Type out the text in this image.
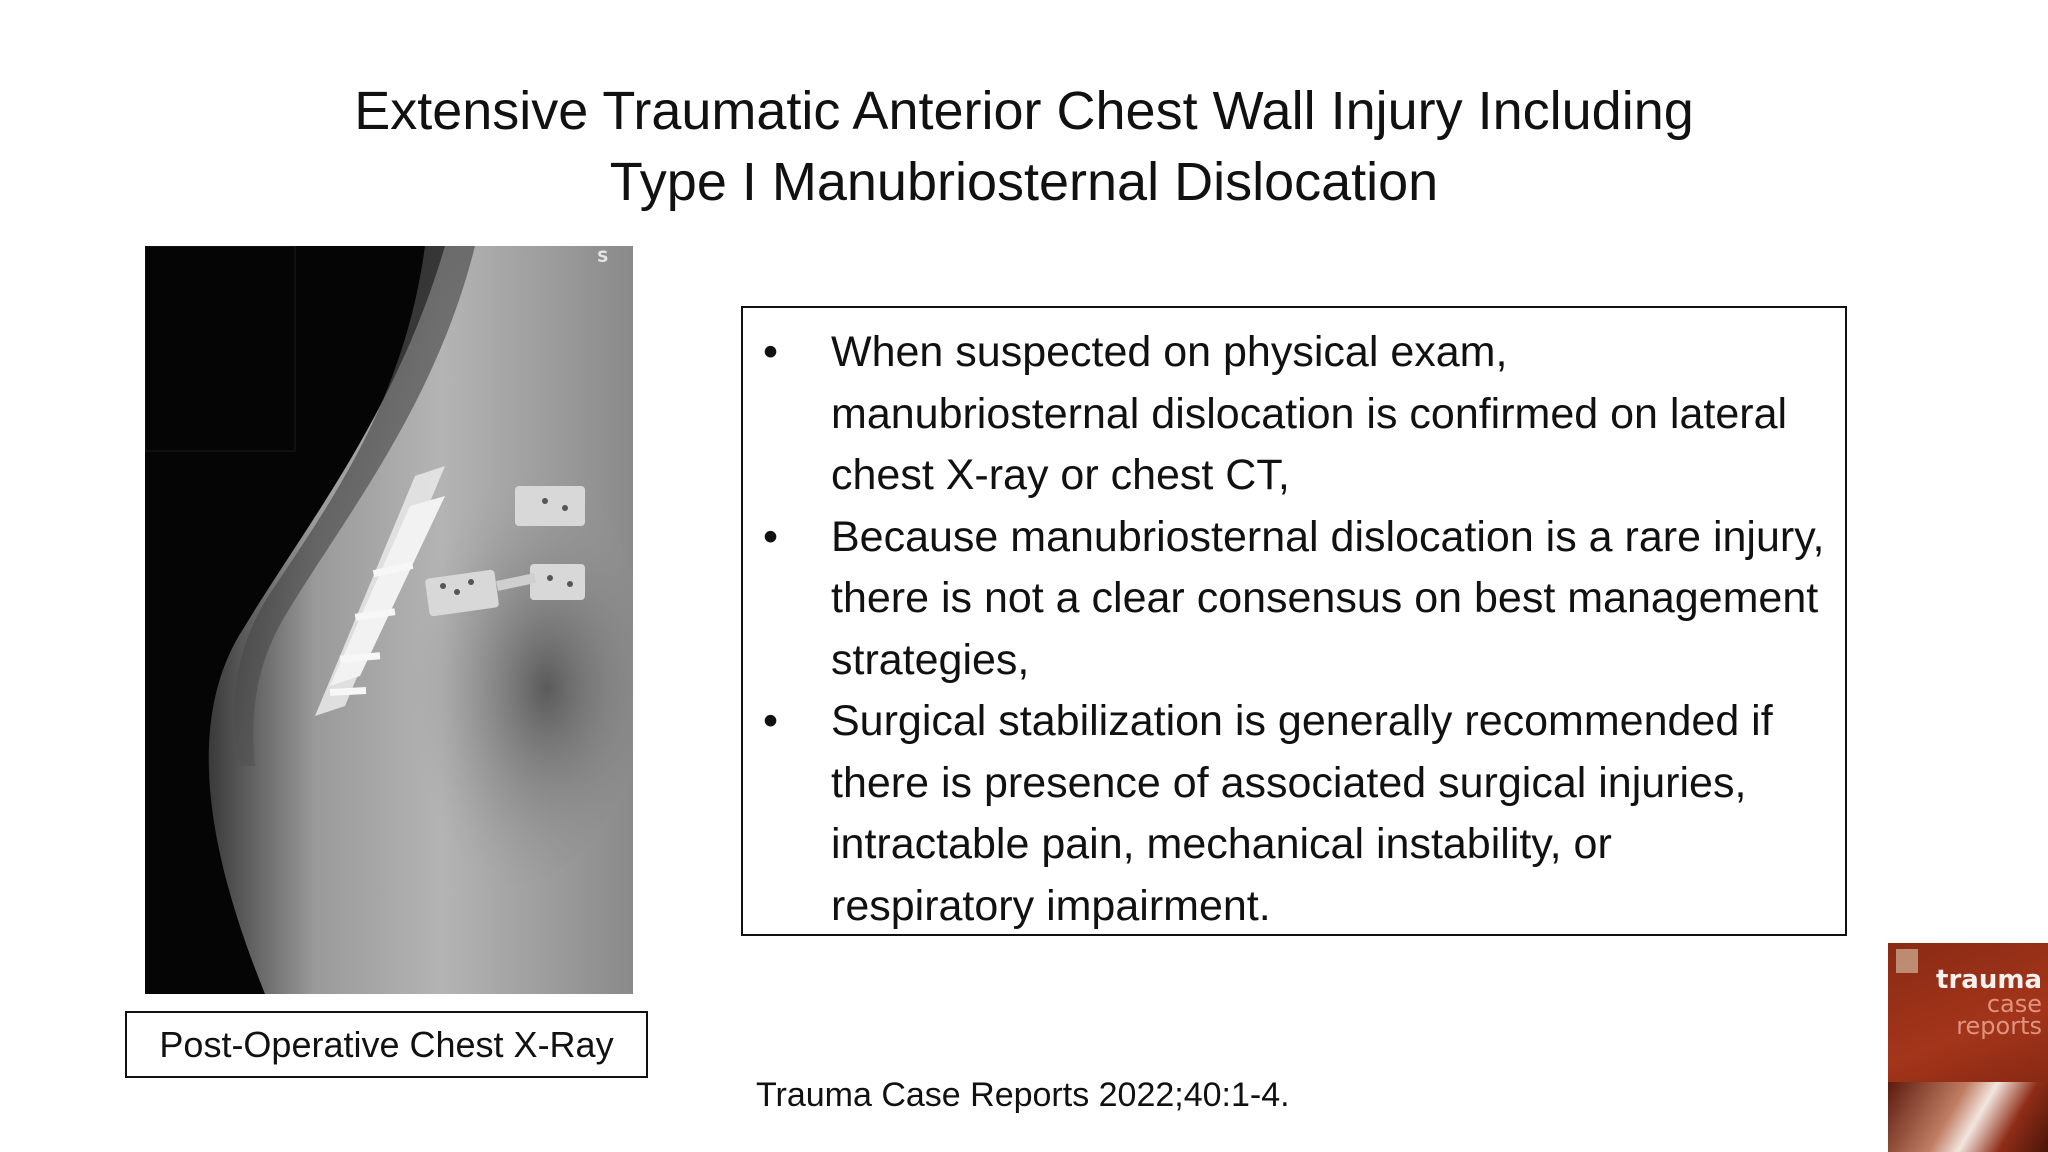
Extensive Traumatic Anterior Chest Wall Injury Including
Type I Manubriosternal Dislocation
S
Post-Operative Chest X-Ray
•	When suspected on physical exam, manubriosternal dislocation is confirmed on lateral chest X-ray or chest CT,
•	Because manubriosternal dislocation is a rare injury, there is not a clear consensus on best management strategies,
•	Surgical stabilization is generally recommended if there is presence of associated surgical injuries, intractable pain, mechanical instability, or respiratory impairment.
Trauma Case Reports 2022;40:1-4.
trauma
case
reports
